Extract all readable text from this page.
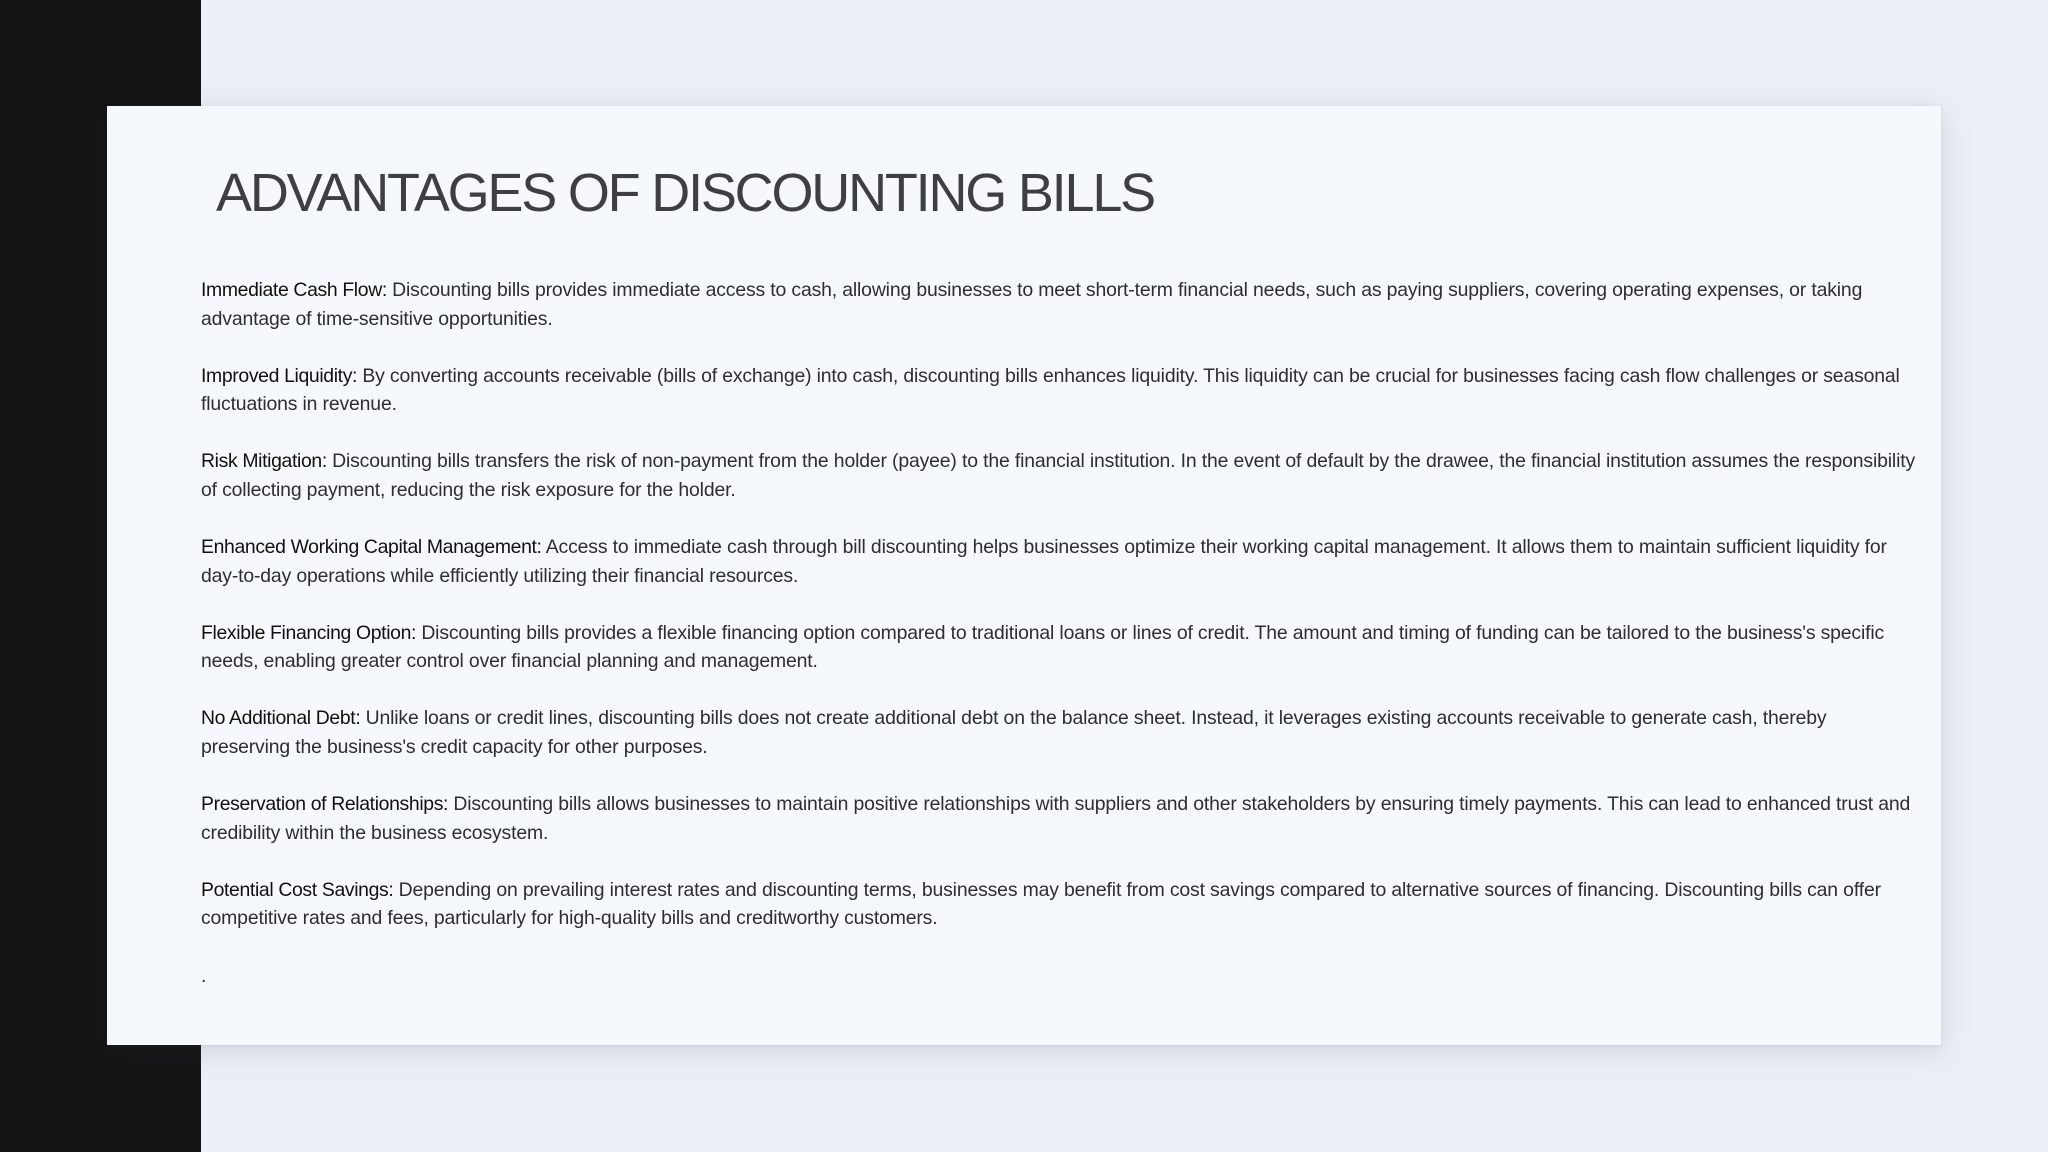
ADVANTAGES OF DISCOUNTING BILLS

Immediate Cash Flow: Discounting bills provides immediate access to cash, allowing businesses to meet short-term financial needs, such as paying suppliers, covering operating expenses, or taking advantage of time-sensitive opportunities.

Improved Liquidity: By converting accounts receivable (bills of exchange) into cash, discounting bills enhances liquidity. This liquidity can be crucial for businesses facing cash flow challenges or seasonal fluctuations in revenue.

Risk Mitigation: Discounting bills transfers the risk of non-payment from the holder (payee) to the financial institution. In the event of default by the drawee, the financial institution assumes the responsibility of collecting payment, reducing the risk exposure for the holder.

Enhanced Working Capital Management: Access to immediate cash through bill discounting helps businesses optimize their working capital management. It allows them to maintain sufficient liquidity for day-to-day operations while efficiently utilizing their financial resources.

Flexible Financing Option: Discounting bills provides a flexible financing option compared to traditional loans or lines of credit. The amount and timing of funding can be tailored to the business's specific needs, enabling greater control over financial planning and management.

No Additional Debt: Unlike loans or credit lines, discounting bills does not create additional debt on the balance sheet. Instead, it leverages existing accounts receivable to generate cash, thereby preserving the business's credit capacity for other purposes.

Preservation of Relationships: Discounting bills allows businesses to maintain positive relationships with suppliers and other stakeholders by ensuring timely payments. This can lead to enhanced trust and credibility within the business ecosystem.

Potential Cost Savings: Depending on prevailing interest rates and discounting terms, businesses may benefit from cost savings compared to alternative sources of financing. Discounting bills can offer competitive rates and fees, particularly for high-quality bills and creditworthy customers.

.
